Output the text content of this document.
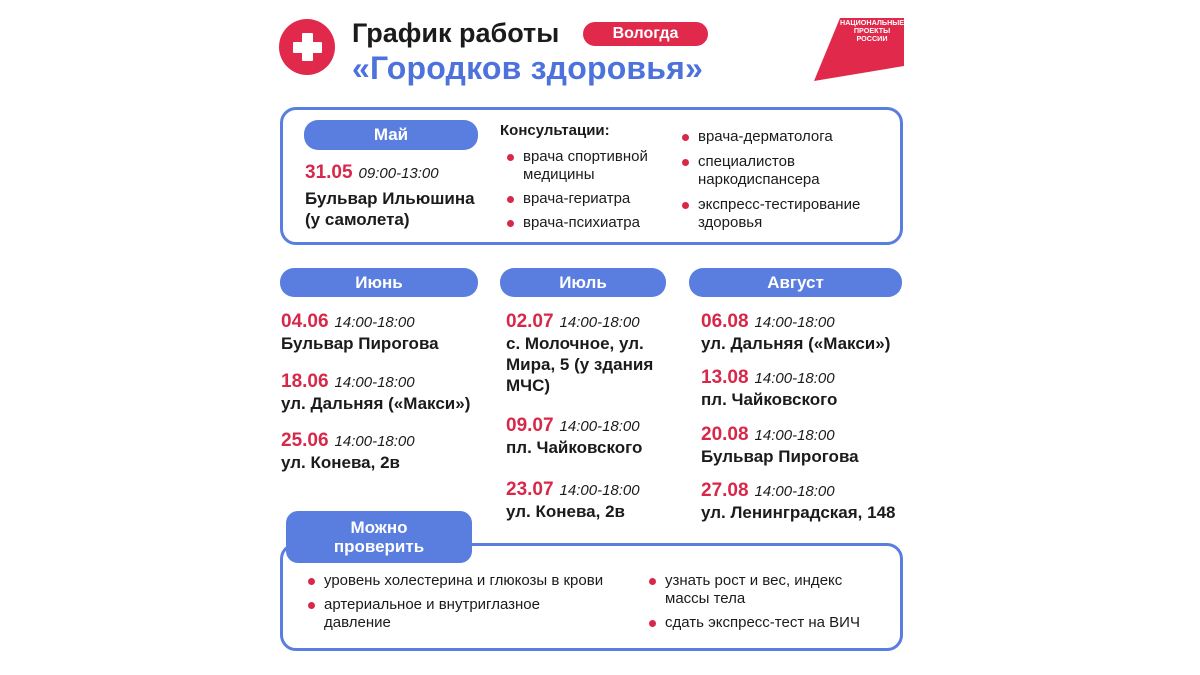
График работы
«Городков здоровья»
Вологда
НАЦИОНАЛЬНЫЕ ПРОЕКТЫ РОССИИ
Май
31.05 09:00-13:00
Бульвар Ильюшина
(у самолета)
Консультации:
врача спортивной медицины
врача-гериатра
врача-психиатра
врача-дерматолога
специалистов наркодиспансера
экспресс-тестирование здоровья
Июнь
04.06 14:00-18:00
Бульвар Пирогова
18.06 14:00-18:00
ул. Дальняя («Макси»)
25.06 14:00-18:00
ул. Конева, 2в
Июль
02.07 14:00-18:00
с. Молочное, ул. Мира, 5 (у здания МЧС)
09.07 14:00-18:00
пл. Чайковского
23.07 14:00-18:00
ул. Конева, 2в
Август
06.08 14:00-18:00
ул. Дальняя («Макси»)
13.08 14:00-18:00
пл. Чайковского
20.08 14:00-18:00
Бульвар Пирогова
27.08 14:00-18:00
ул. Ленинградская, 148
Можно
проверить
уровень холестерина и глюкозы в крови
артериальное и внутриглазное давление
узнать рост и вес, индекс массы тела
сдать экспресс-тест на ВИЧ
